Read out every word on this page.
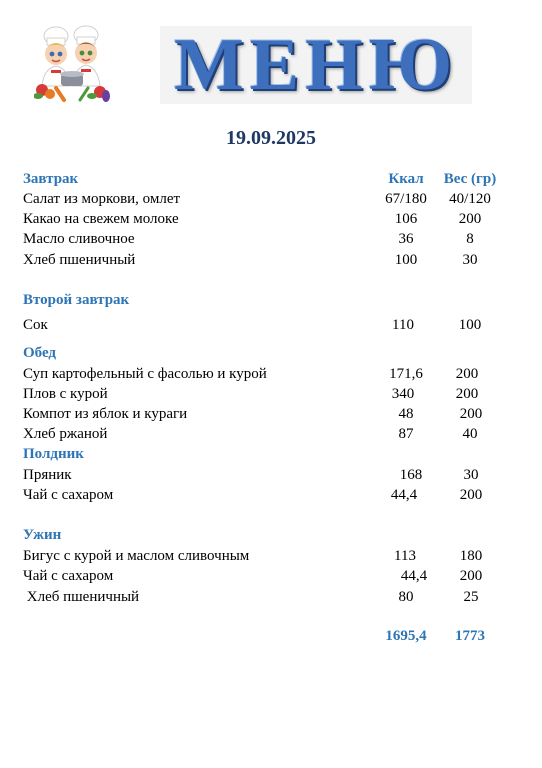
МЕНЮ
19.09.2025
Завтрак	Ккал	Вес (гр)
Салат из моркови, омлет	67/180	40/120
Какао на свежем молоке	106	200
Масло сливочное	36	8
Хлеб пшеничный	100	30
Второй завтрак
Сок	110	100
Обед
Суп картофельный с фасолью и курой	171,6	200
Плов с курой	340	200
Компот из яблок и кураги	48	200
Хлеб ржаной	87	40
Полдник
Пряник	168	30
Чай с сахаром	44,4	200
Ужин
Бигус с курой и маслом сливочным	113	180
Чай с сахаром	44,4	200
Хлеб пшеничный	80	25
1695,4	1773
